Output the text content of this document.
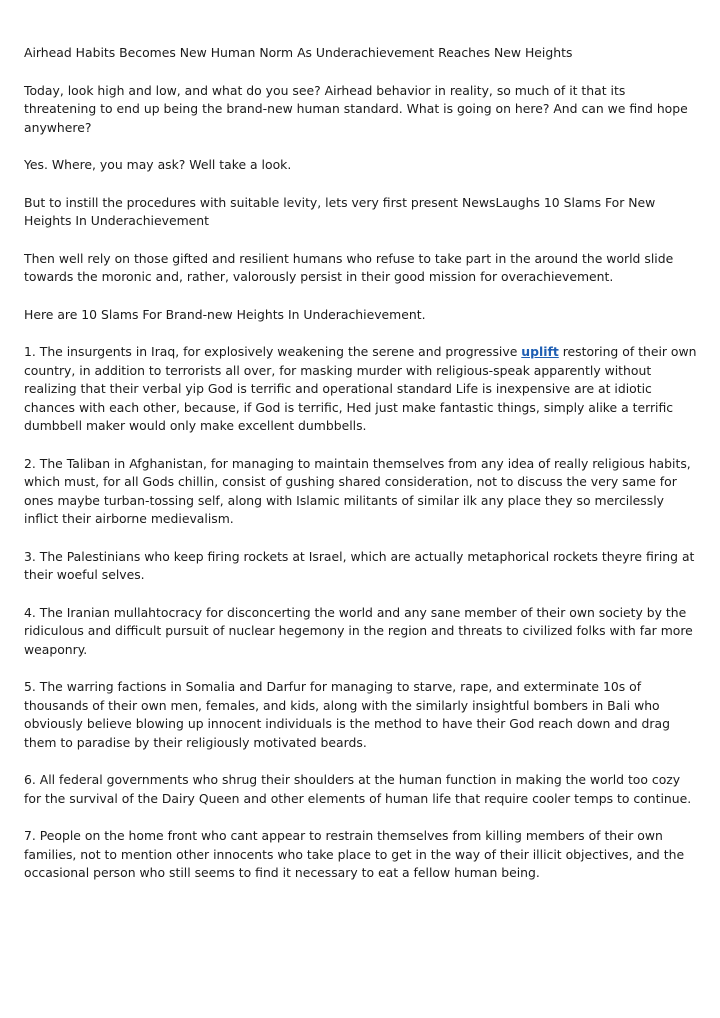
Airhead Habits Becomes New Human Norm As Underachievement Reaches New Heights

Today, look high and low, and what do you see? Airhead behavior in reality, so much of it that its threatening to end up being the brand-new human standard. What is going on here? And can we find hope anywhere?

Yes. Where, you may ask? Well take a look.

But to instill the procedures with suitable levity, lets very first present NewsLaughs 10 Slams For New Heights In Underachievement

Then well rely on those gifted and resilient humans who refuse to take part in the around the world slide towards the moronic and, rather, valorously persist in their good mission for overachievement.

Here are 10 Slams For Brand-new Heights In Underachievement.

1. The insurgents in Iraq, for explosively weakening the serene and progressive uplift restoring of their own country, in addition to terrorists all over, for masking murder with religious-speak apparently without realizing that their verbal yip God is terrific and operational standard Life is inexpensive are at idiotic chances with each other, because, if God is terrific, Hed just make fantastic things, simply alike a terrific dumbbell maker would only make excellent dumbbells.

2. The Taliban in Afghanistan, for managing to maintain themselves from any idea of really religious habits, which must, for all Gods chillin, consist of gushing shared consideration, not to discuss the very same for ones maybe turban-tossing self, along with Islamic militants of similar ilk any place they so mercilessly inflict their airborne medievalism.

3. The Palestinians who keep firing rockets at Israel, which are actually metaphorical rockets theyre firing at their woeful selves.

4. The Iranian mullahtocracy for disconcerting the world and any sane member of their own society by the ridiculous and difficult pursuit of nuclear hegemony in the region and threats to civilized folks with far more weaponry.

5. The warring factions in Somalia and Darfur for managing to starve, rape, and exterminate 10s of thousands of their own men, females, and kids, along with the similarly insightful bombers in Bali who obviously believe blowing up innocent individuals is the method to have their God reach down and drag them to paradise by their religiously motivated beards.

6. All federal governments who shrug their shoulders at the human function in making the world too cozy for the survival of the Dairy Queen and other elements of human life that require cooler temps to continue.

7. People on the home front who cant appear to restrain themselves from killing members of their own families, not to mention other innocents who take place to get in the way of their illicit objectives, and the occasional person who still seems to find it necessary to eat a fellow human being.
